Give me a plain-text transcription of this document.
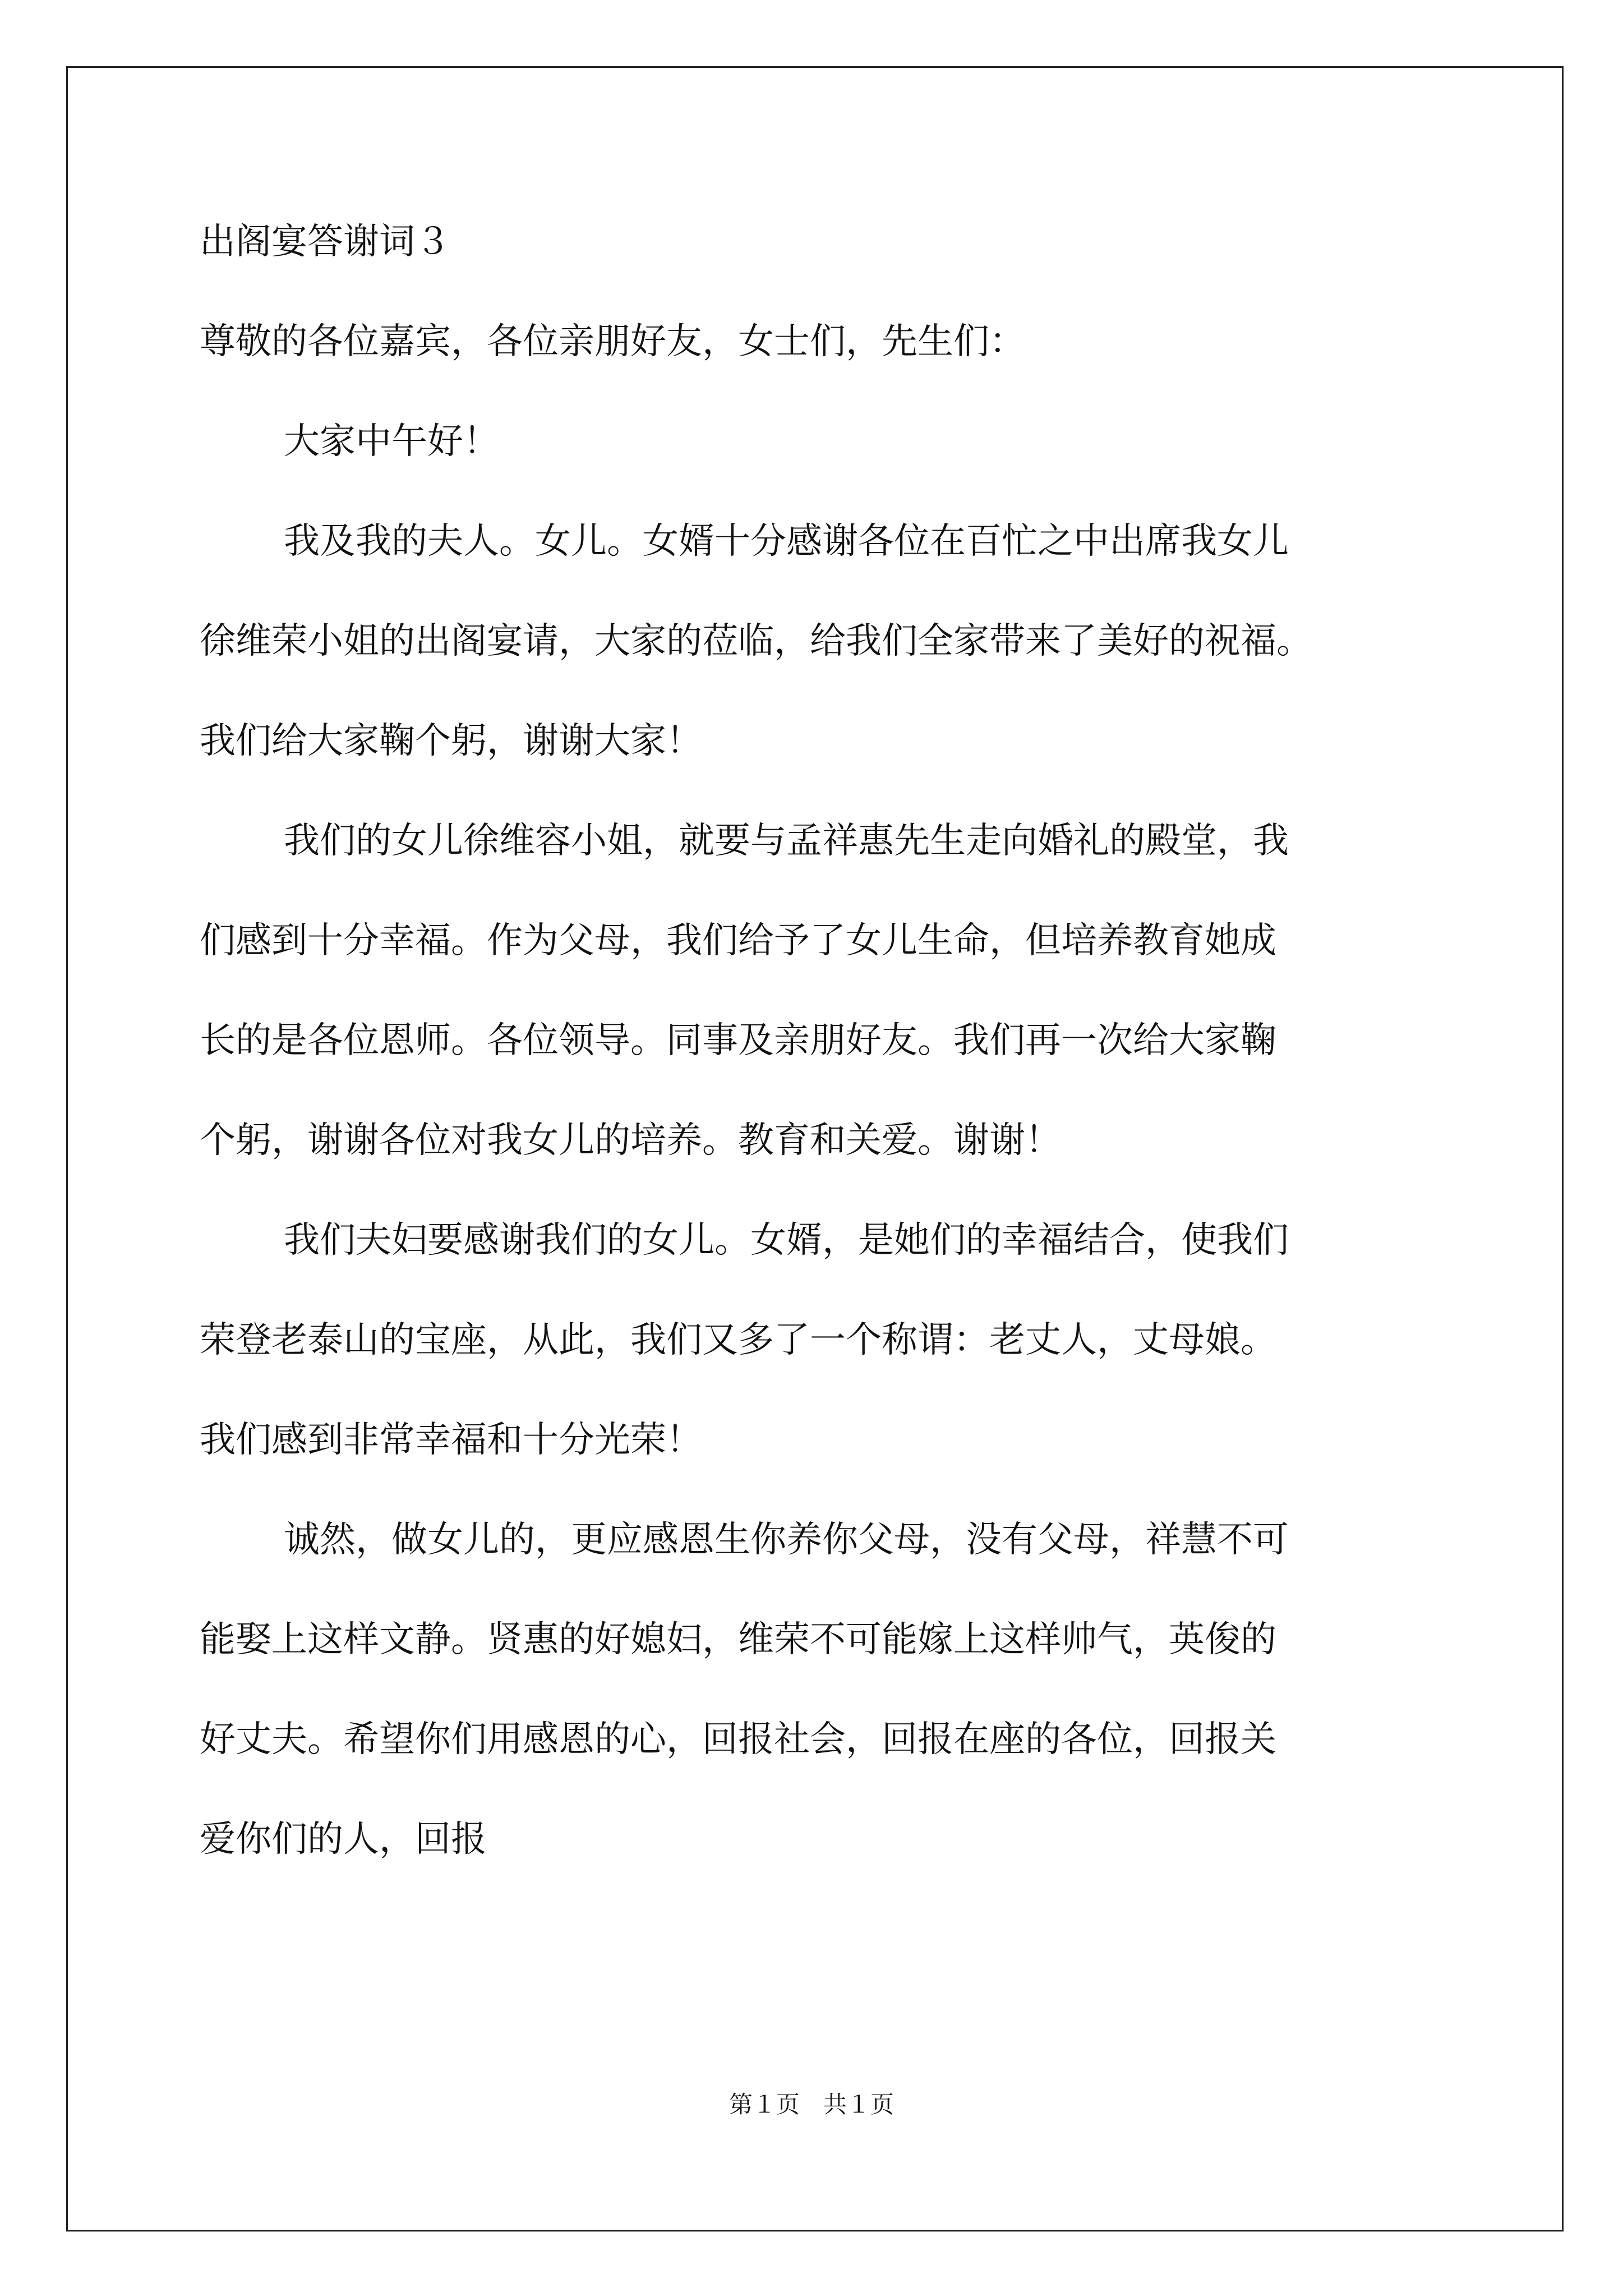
出阁宴答谢词３
尊敬的各位嘉宾，各位亲朋好友，女士们，先生们：
大家中午好！
我及我的夫人。女儿。女婿十分感谢各位在百忙之中出席我女儿
徐维荣小姐的出阁宴请，大家的莅临，给我们全家带来了美好的祝福。
我们给大家鞠个躬，谢谢大家！
我们的女儿徐维容小姐，就要与孟祥惠先生走向婚礼的殿堂，我
们感到十分幸福。作为父母，我们给予了女儿生命，但培养教育她成
长的是各位恩师。各位领导。同事及亲朋好友。我们再一次给大家鞠
个躬，谢谢各位对我女儿的培养。教育和关爱。谢谢！
我们夫妇要感谢我们的女儿。女婿，是她们的幸福结合，使我们
荣登老泰山的宝座，从此，我们又多了一个称谓：老丈人，丈母娘。
我们感到非常幸福和十分光荣！
诚然，做女儿的，更应感恩生你养你父母，没有父母，祥慧不可
能娶上这样文静。贤惠的好媳妇，维荣不可能嫁上这样帅气，英俊的
好丈夫。希望你们用感恩的心，回报社会，回报在座的各位，回报关
爱你们的人，回报
第１页　共１页
